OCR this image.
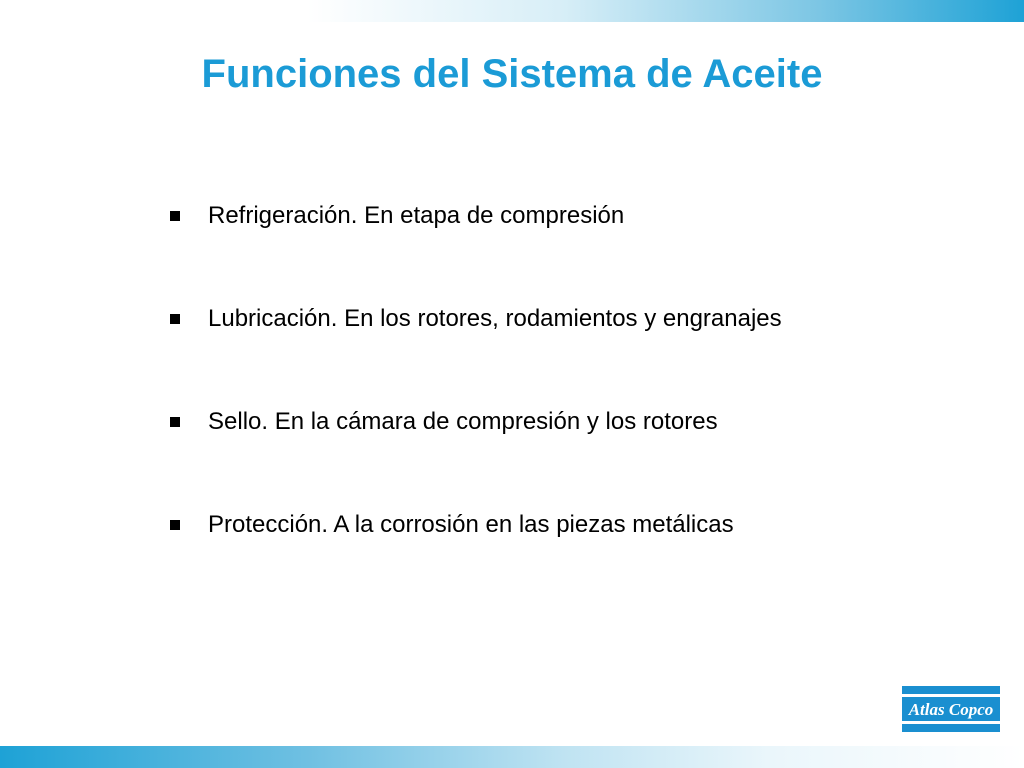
Funciones del Sistema de Aceite
Refrigeración. En etapa de compresión
Lubricación. En los rotores, rodamientos y engranajes
Sello. En la cámara de compresión y los rotores
Protección. A la corrosión en las piezas metálicas
Atlas Copco
